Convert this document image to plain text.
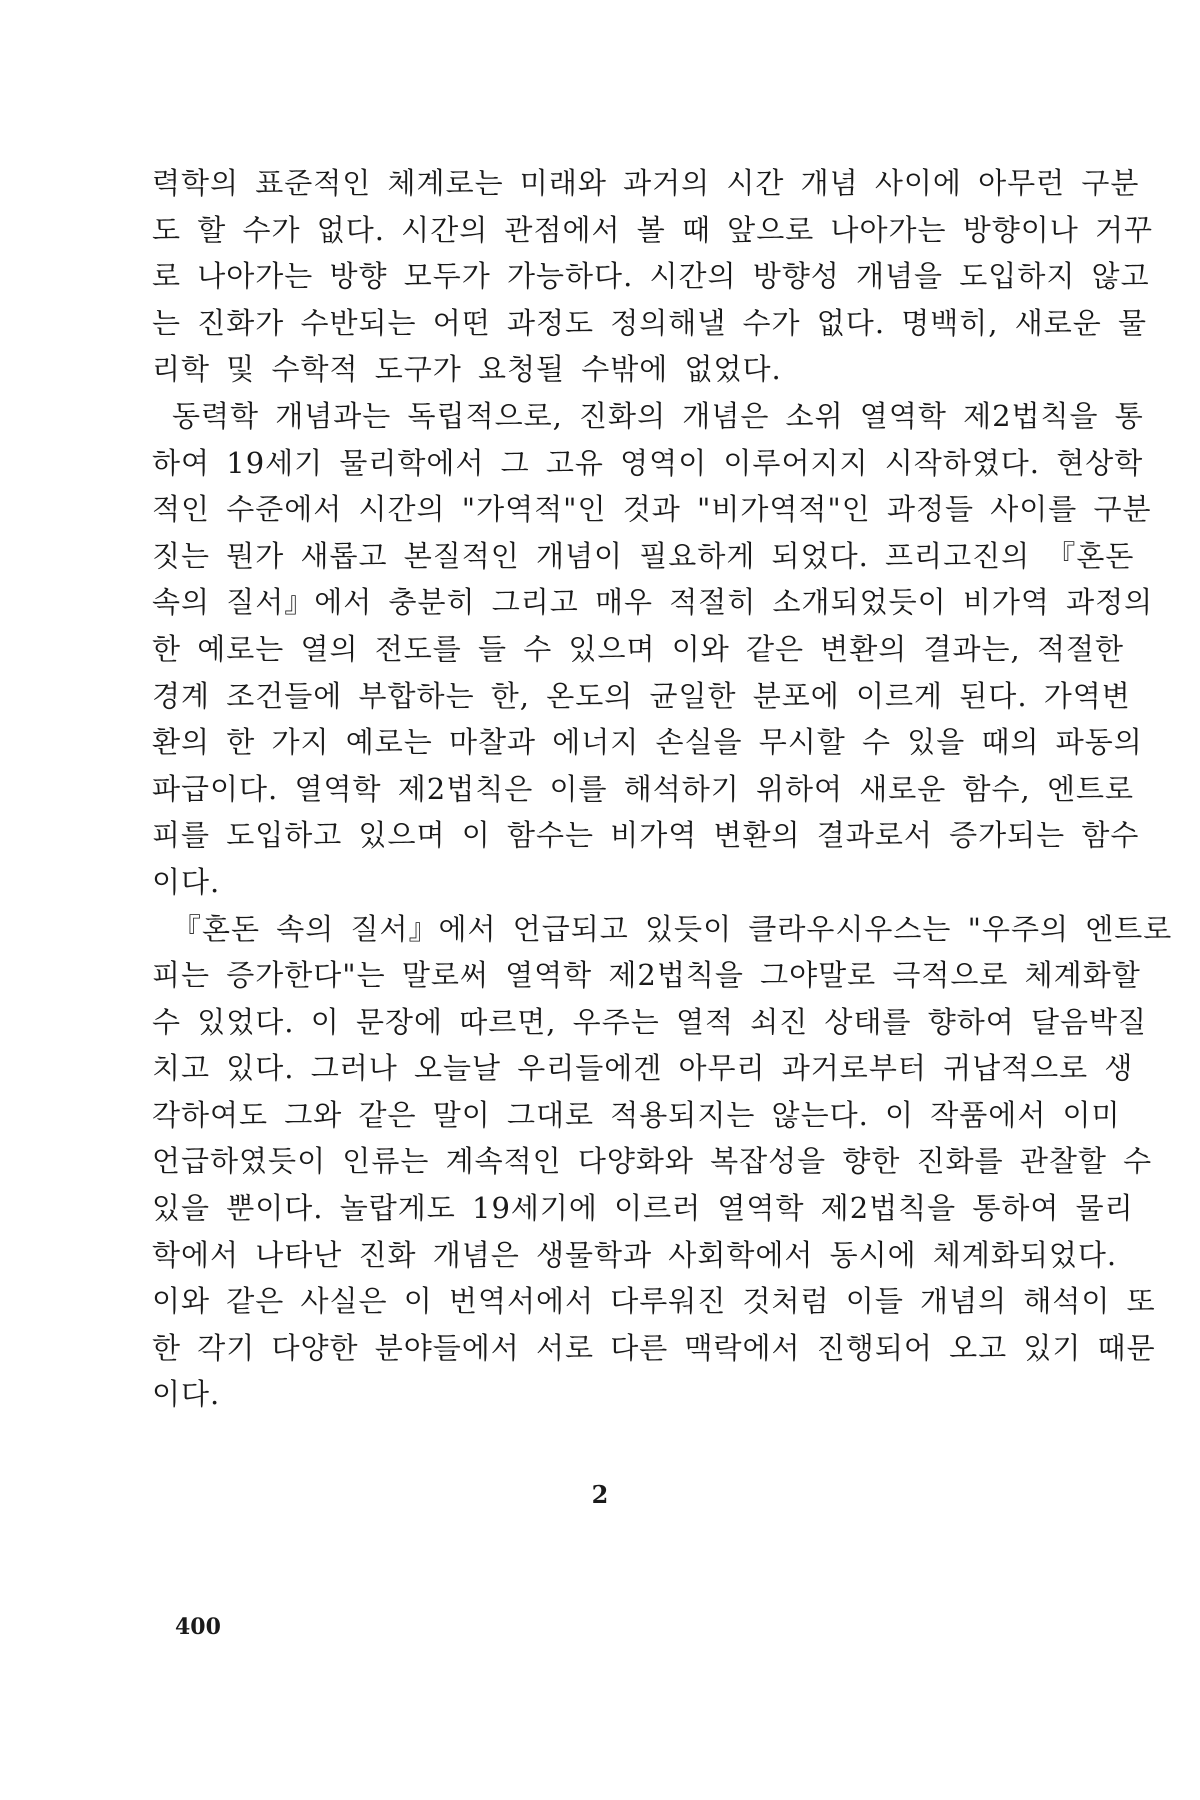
력학의 표준적인 체계로는 미래와 과거의 시간 개념 사이에 아무런 구분
도 할 수가 없다. 시간의 관점에서 볼 때 앞으로 나아가는 방향이나 거꾸
로 나아가는 방향 모두가 가능하다. 시간의 방향성 개념을 도입하지 않고
는 진화가 수반되는 어떤 과정도 정의해낼 수가 없다. 명백히, 새로운 물
리학 및 수학적 도구가 요청될 수밖에 없었다.
동력학 개념과는 독립적으로, 진화의 개념은 소위 열역학 제2법칙을 통
하여 19세기 물리학에서 그 고유 영역이 이루어지지 시작하였다. 현상학
적인 수준에서 시간의 "가역적"인 것과 "비가역적"인 과정들 사이를 구분
짓는 뭔가 새롭고 본질적인 개념이 필요하게 되었다. 프리고진의 『혼돈
속의 질서』에서 충분히 그리고 매우 적절히 소개되었듯이 비가역 과정의
한 예로는 열의 전도를 들 수 있으며 이와 같은 변환의 결과는, 적절한
경계 조건들에 부합하는 한, 온도의 균일한 분포에 이르게 된다. 가역변
환의 한 가지 예로는 마찰과 에너지 손실을 무시할 수 있을 때의 파동의
파급이다. 열역학 제2법칙은 이를 해석하기 위하여 새로운 함수, 엔트로
피를 도입하고 있으며 이 함수는 비가역 변환의 결과로서 증가되는 함수
이다.
『혼돈 속의 질서』에서 언급되고 있듯이 클라우시우스는 "우주의 엔트로
피는 증가한다"는 말로써 열역학 제2법칙을 그야말로 극적으로 체계화할
수 있었다. 이 문장에 따르면, 우주는 열적 쇠진 상태를 향하여 달음박질
치고 있다. 그러나 오늘날 우리들에겐 아무리 과거로부터 귀납적으로 생
각하여도 그와 같은 말이 그대로 적용되지는 않는다. 이 작품에서 이미
언급하였듯이 인류는 계속적인 다양화와 복잡성을 향한 진화를 관찰할 수
있을 뿐이다. 놀랍게도 19세기에 이르러 열역학 제2법칙을 통하여 물리
학에서 나타난 진화 개념은 생물학과 사회학에서 동시에 체계화되었다.
이와 같은 사실은 이 번역서에서 다루워진 것처럼 이들 개념의 해석이 또
한 각기 다양한 분야들에서 서로 다른 맥락에서 진행되어 오고 있기 때문
이다.
2
400
